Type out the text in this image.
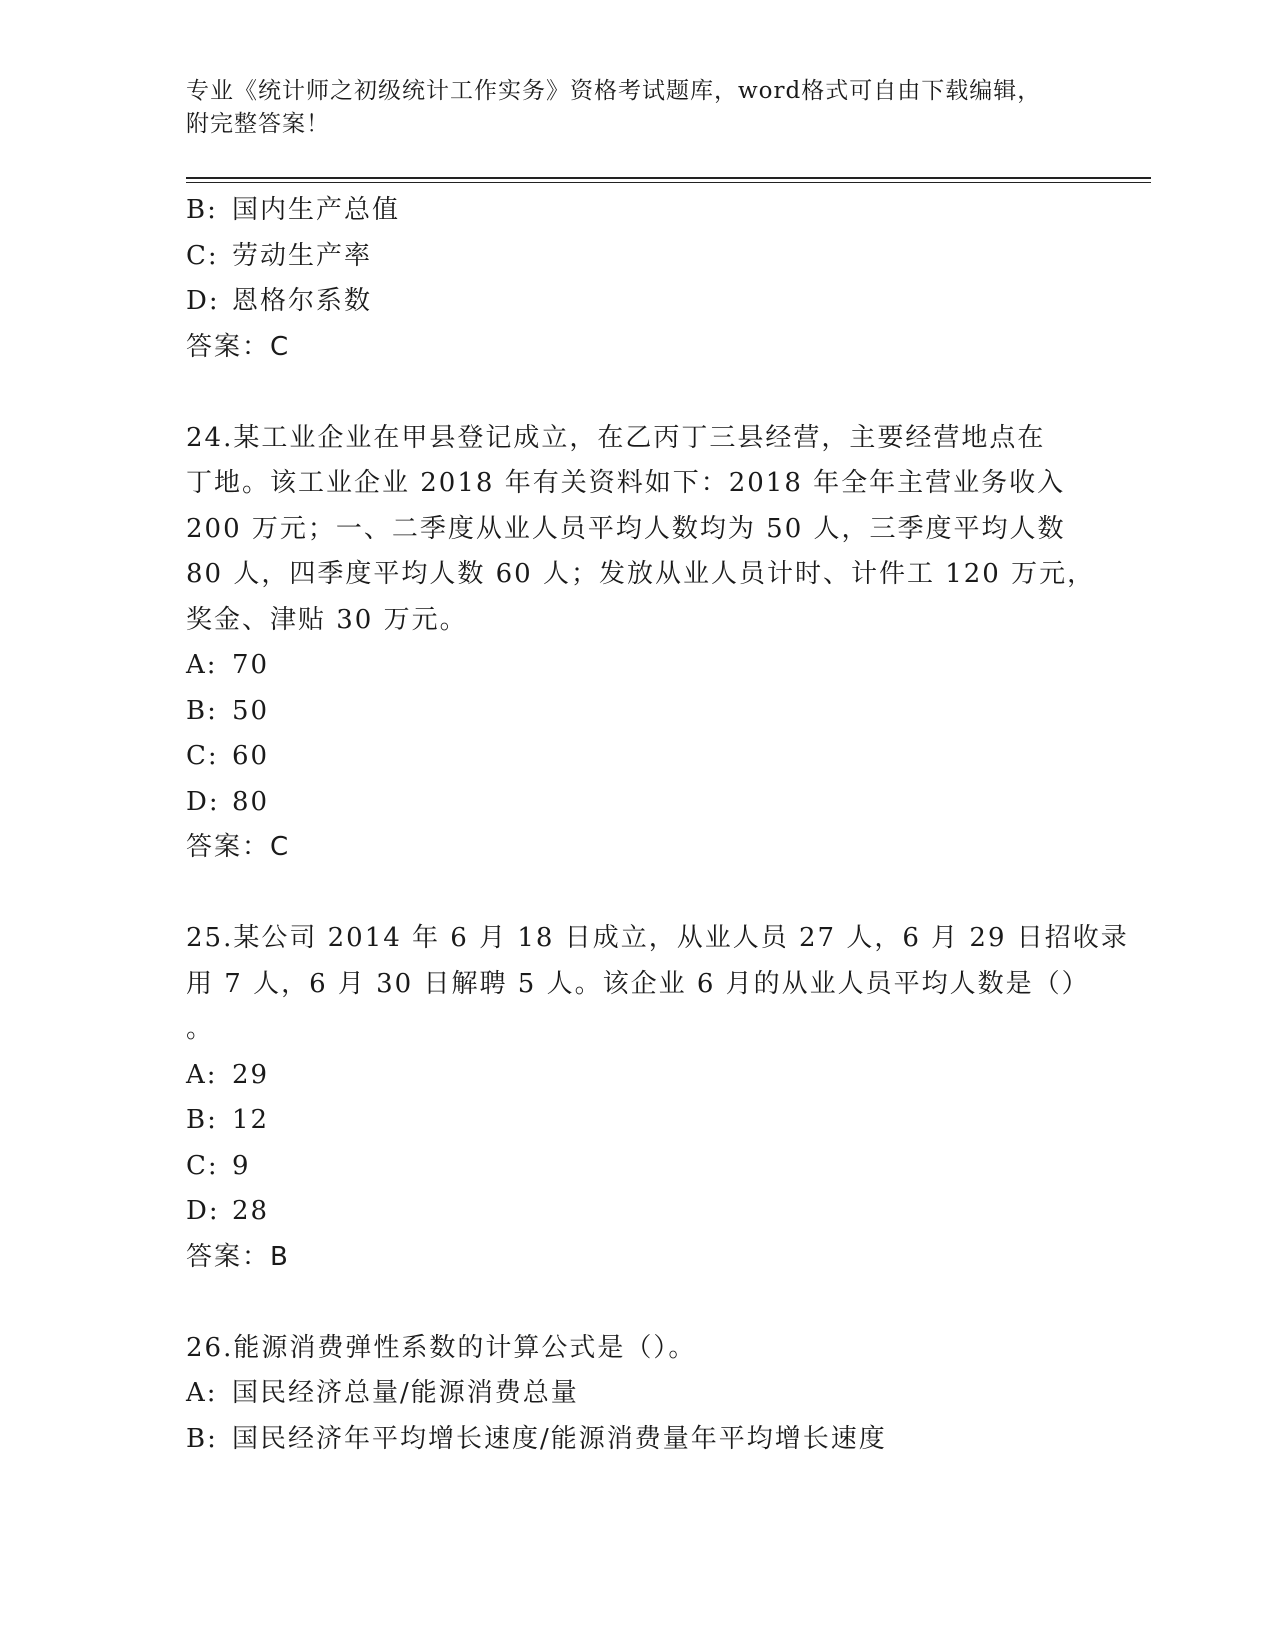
专业《统计师之初级统计工作实务》资格考试题库，word格式可自由下载编辑，
附完整答案！
B: 国内生产总值
C: 劳动生产率
D: 恩格尔系数
答案：C
24.某工业企业在甲县登记成立，在乙丙丁三县经营，主要经营地点在
丁地。该工业企业 2018 年有关资料如下：2018 年全年主营业务收入
200 万元；一、二季度从业人员平均人数均为 50 人，三季度平均人数
80 人，四季度平均人数 60 人；发放从业人员计时、计件工 120 万元，
奖金、津贴 30 万元。
A: 70
B: 50
C: 60
D: 80
答案：C
25.某公司 2014 年 6 月 18 日成立，从业人员 27 人，6 月 29 日招收录
用 7 人，6 月 30 日解聘 5 人。该企业 6 月的从业人员平均人数是（）
。
A: 29
B: 12
C: 9
D: 28
答案：B
26.能源消费弹性系数的计算公式是（）。
A: 国民经济总量/能源消费总量
B: 国民经济年平均增长速度/能源消费量年平均增长速度
